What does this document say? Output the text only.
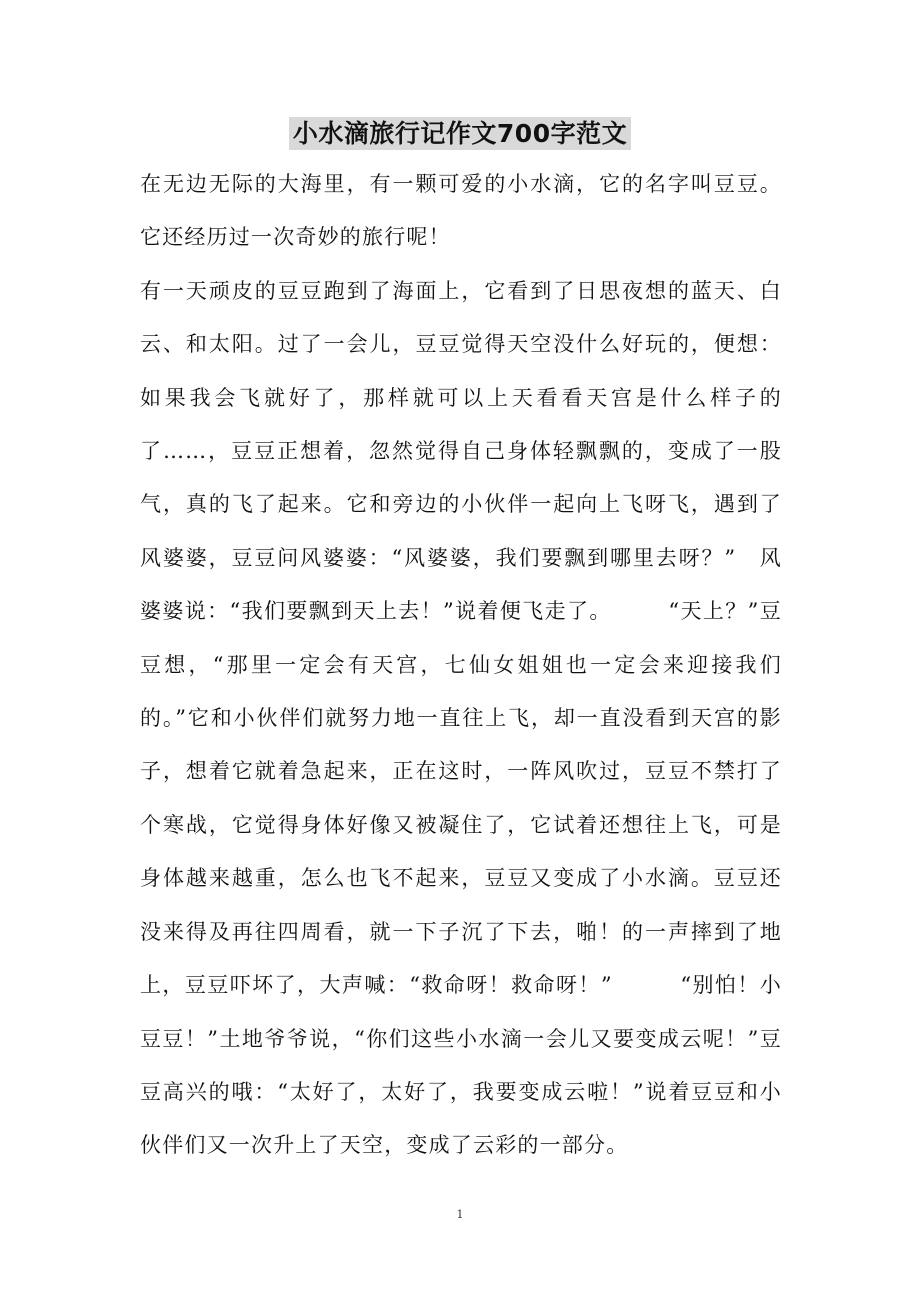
小水滴旅行记作文700字范文

在无边无际的大海里，有一颗可爱的小水滴，它的名字叫豆豆。它还经历过一次奇妙的旅行呢！

有一天顽皮的豆豆跑到了海面上，它看到了日思夜想的蓝天、白云、和太阳。过了一会儿，豆豆觉得天空没什么好玩的，便想：如果我会飞就好了，那样就可以上天看看天宫是什么样子的了……，豆豆正想着，忽然觉得自己身体轻飘飘的，变成了一股气，真的飞了起来。它和旁边的小伙伴一起向上飞呀飞，遇到了风婆婆，豆豆问风婆婆：“风婆婆，我们要飘到哪里去呀？”　风婆婆说：“我们要飘到天上去！”说着便飞走了。　　　“天上？”豆豆想，“那里一定会有天宫，七仙女姐姐也一定会来迎接我们的。”它和小伙伴们就努力地一直往上飞，却一直没看到天宫的影子，想着它就着急起来，正在这时，一阵风吹过，豆豆不禁打了个寒战，它觉得身体好像又被凝住了，它试着还想往上飞，可是身体越来越重，怎么也飞不起来，豆豆又变成了小水滴。豆豆还没来得及再往四周看，就一下子沉了下去，啪！的一声摔到了地上，豆豆吓坏了，大声喊：“救命呀！救命呀！”　　　“别怕！小豆豆！”土地爷爷说，“你们这些小水滴一会儿又要变成云呢！”豆豆高兴的哦：“太好了，太好了，我要变成云啦！”说着豆豆和小伙伴们又一次升上了天空，变成了云彩的一部分。

1
